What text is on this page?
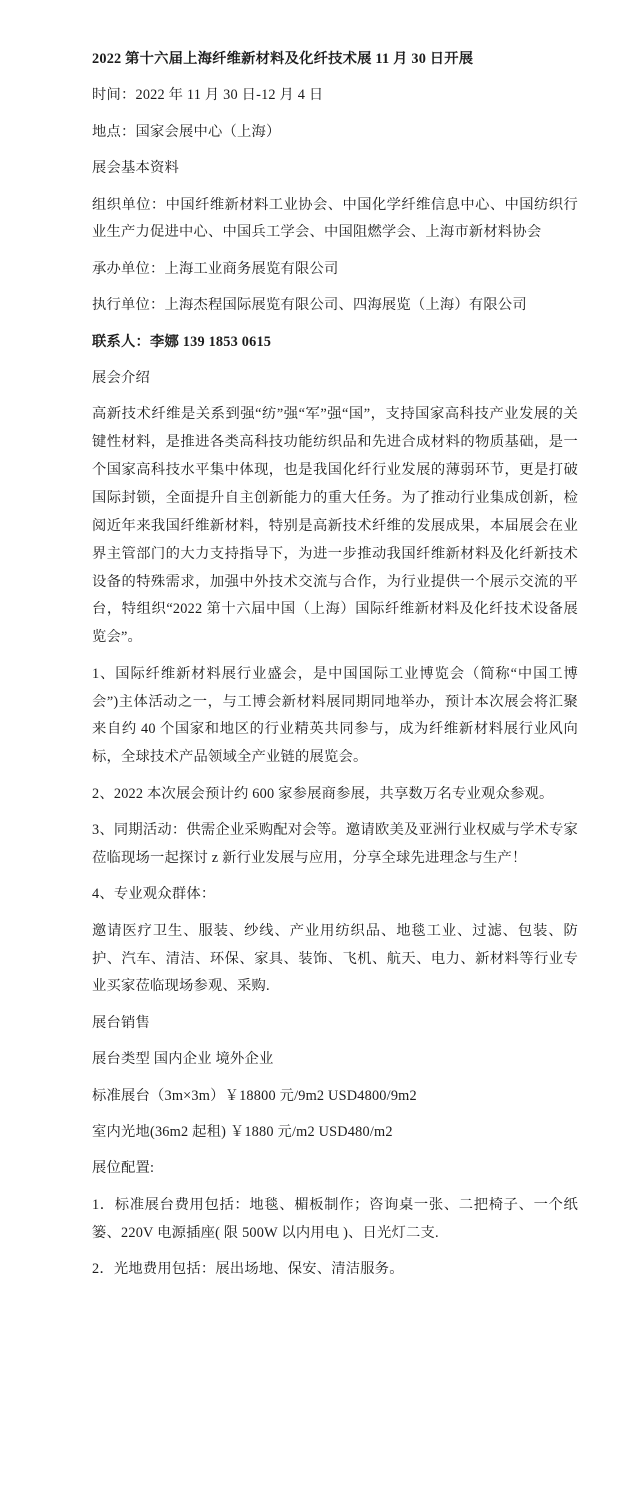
2022 第十六届上海纤维新材料及化纤技术展 11 月 30 日开展

时间：2022 年 11 月 30 日-12 月 4 日

地点：国家会展中心（上海）

展会基本资料

组织单位：中国纤维新材料工业协会、中国化学纤维信息中心、中国纺织行业生产力促进中心、中国兵工学会、中国阻燃学会、上海市新材料协会

承办单位：上海工业商务展览有限公司

执行单位：上海杰程国际展览有限公司、四海展览（上海）有限公司

联系人：李娜 139 1853 0615

展会介绍

高新技术纤维是关系到强“纺”强“军”强“国”，支持国家高科技产业发展的关键性材料，是推进各类高科技功能纺织品和先进合成材料的物质基础，是一个国家高科技水平集中体现，也是我国化纤行业发展的薄弱环节，更是打破国际封锁，全面提升自主创新能力的重大任务。为了推动行业集成创新，检阅近年来我国纤维新材料，特别是高新技术纤维的发展成果，本届展会在业界主管部门的大力支持指导下，为进一步推动我国纤维新材料及化纤新技术设备的特殊需求，加强中外技术交流与合作，为行业提供一个展示交流的平台，特组织“2022 第十六届中国（上海）国际纤维新材料及化纤技术设备展览会”。

1、国际纤维新材料展行业盛会，是中国国际工业博览会（简称“中国工博会”)主体活动之一，与工博会新材料展同期同地举办，预计本次展会将汇聚来自约 40 个国家和地区的行业精英共同参与，成为纤维新材料展行业风向标，全球技术产品领域全产业链的展览会。

2、2022 本次展会预计约 600 家参展商参展，共享数万名专业观众参观。

3、同期活动：供需企业采购配对会等。邀请欧美及亚洲行业权威与学术专家莅临现场一起探讨 z 新行业发展与应用，分享全球先进理念与生产！

4、专业观众群体：

邀请医疗卫生、服装、纱线、产业用纺织品、地毯工业、过滤、包装、防护、汽车、清洁、环保、家具、装饰、飞机、航天、电力、新材料等行业专业买家莅临现场参观、采购.

展台销售

展台类型 国内企业 境外企业

标准展台（3m×3m）￥18800 元/9m2 USD4800/9m2

室内光地(36m2 起租) ￥1880 元/m2 USD480/m2

展位配置:

1．标准展台费用包括：地毯、楣板制作；咨询桌一张、二把椅子、一个纸篓、220V 电源插座( 限 500W 以内用电 )、日光灯二支.

2．光地费用包括：展出场地、保安、清洁服务。
